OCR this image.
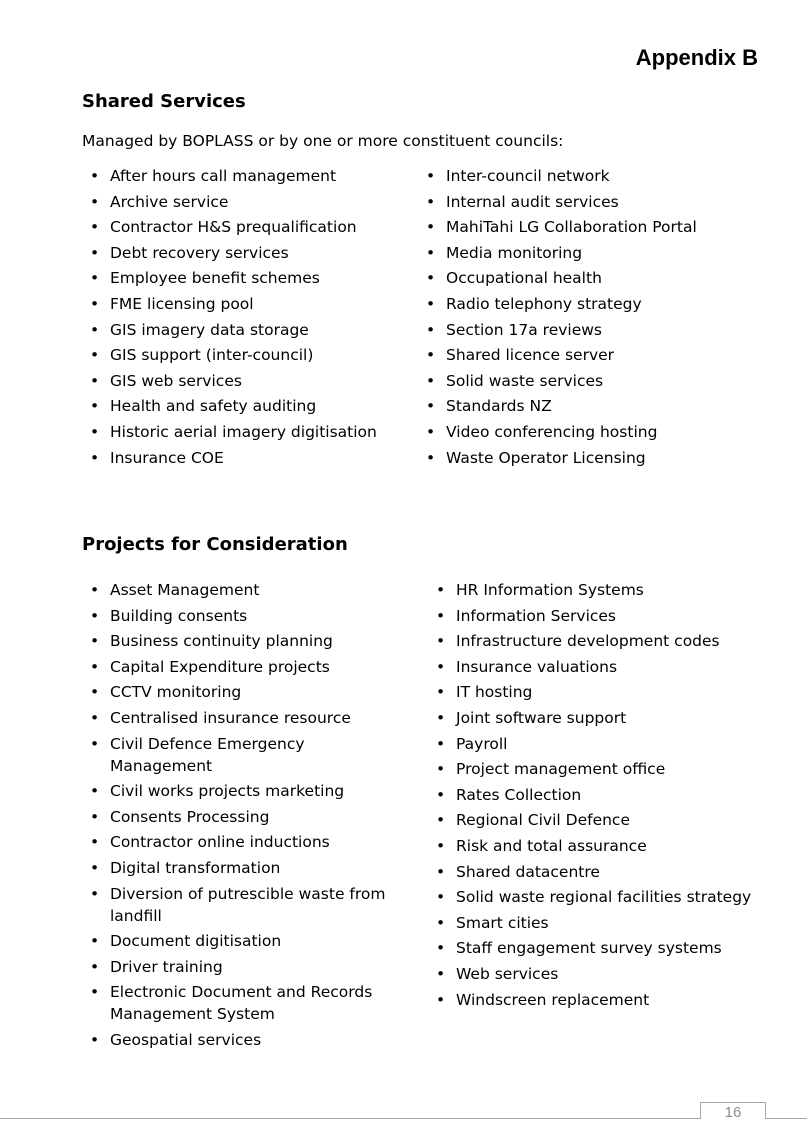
Appendix B
Shared Services

Managed by BOPLASS or by one or more constituent councils:

• After hours call management
• Archive service
• Contractor H&S prequalification
• Debt recovery services
• Employee benefit schemes
• FME licensing pool
• GIS imagery data storage
• GIS support (inter-council)
• GIS web services
• Health and safety auditing
• Historic aerial imagery digitisation
• Insurance COE
• Inter-council network
• Internal audit services
• MahiTahi LG Collaboration Portal
• Media monitoring
• Occupational health
• Radio telephony strategy
• Section 17a reviews
• Shared licence server
• Solid waste services
• Standards NZ
• Video conferencing hosting
• Waste Operator Licensing
Projects for Consideration
• Asset Management
• Building consents
• Business continuity planning
• Capital Expenditure projects
• CCTV monitoring
• Centralised insurance resource
• Civil Defence Emergency Management
• Civil works projects marketing
• Consents Processing
• Contractor online inductions
• Digital transformation
• Diversion of putrescible waste from landfill
• Document digitisation
• Driver training
• Electronic Document and Records Management System
• Geospatial services
• HR Information Systems
• Information Services
• Infrastructure development codes
• Insurance valuations
• IT hosting
• Joint software support
• Payroll
• Project management office
• Rates Collection
• Regional Civil Defence
• Risk and total assurance
• Shared datacentre
• Solid waste regional facilities strategy
• Smart cities
• Staff engagement survey systems
• Web services
• Windscreen replacement
16
